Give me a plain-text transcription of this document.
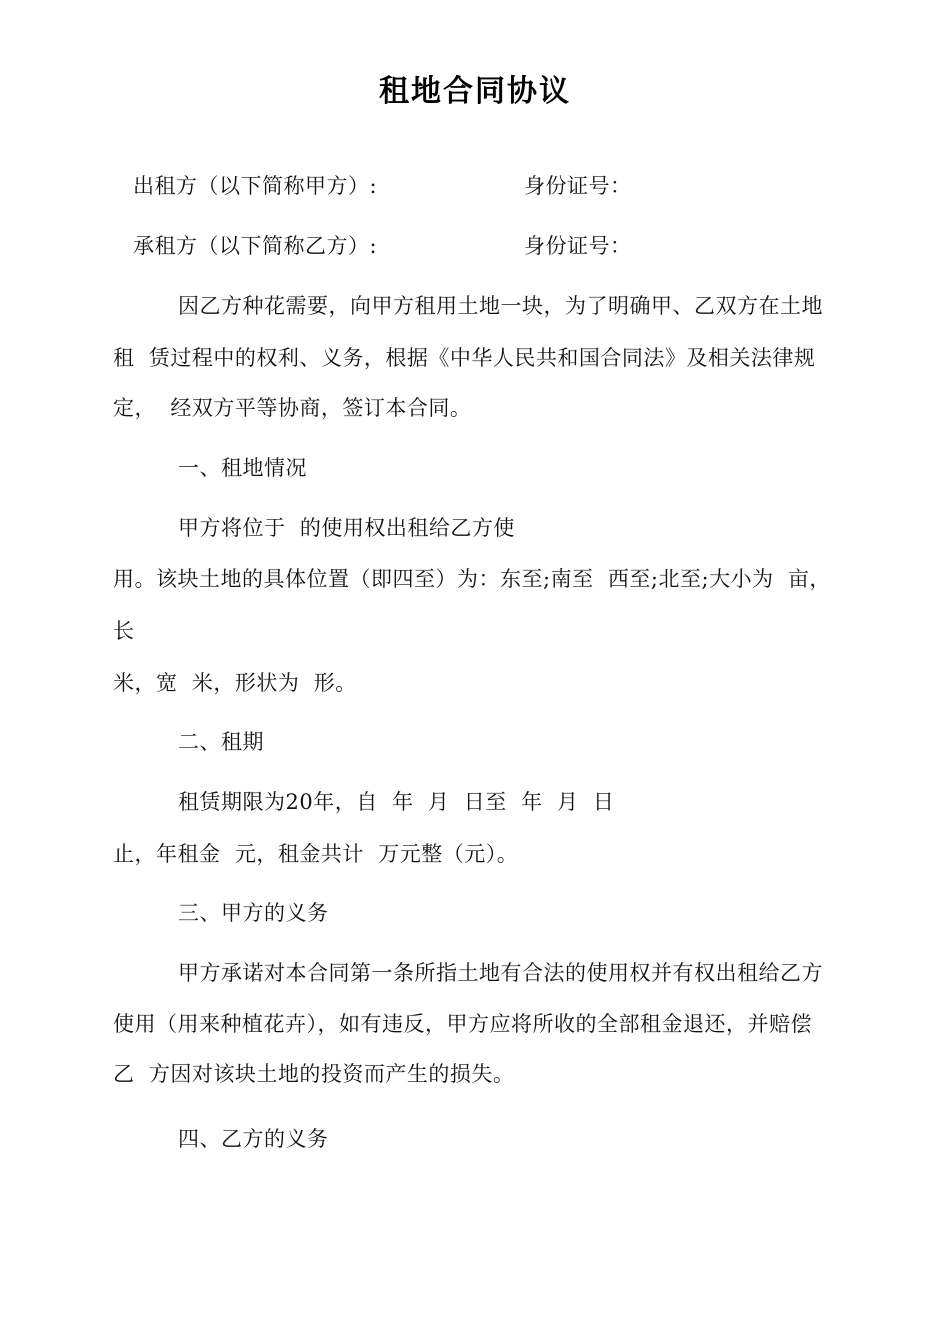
租地合同协议
出租方（以下简称甲方）:	身份证号：
承租方（以下简称乙方）:	身份证号：
因乙方种花需要，向甲方租用土地一块，为了明确甲、乙双方在土地
租  赁过程中的权利、义务，根据《中华人民共和国合同法》及相关法律规
定，  经双方平等协商，签订本合同。
一、租地情况
甲方将位于  的使用权出租给乙方使
用。该块土地的具体位置（即四至）为：东至;南至  西至;北至;大小为  亩，
长
米，宽  米，形状为  形。
二、租期
租赁期限为20年，自  年  月  日至  年  月  日
止，年租金  元，租金共计  万元整（元）。
三、甲方的义务
甲方承诺对本合同第一条所指土地有合法的使用权并有权出租给乙方
使用（用来种植花卉），如有违反，甲方应将所收的全部租金退还，并赔偿
乙  方因对该块土地的投资而产生的损失。
四、乙方的义务
